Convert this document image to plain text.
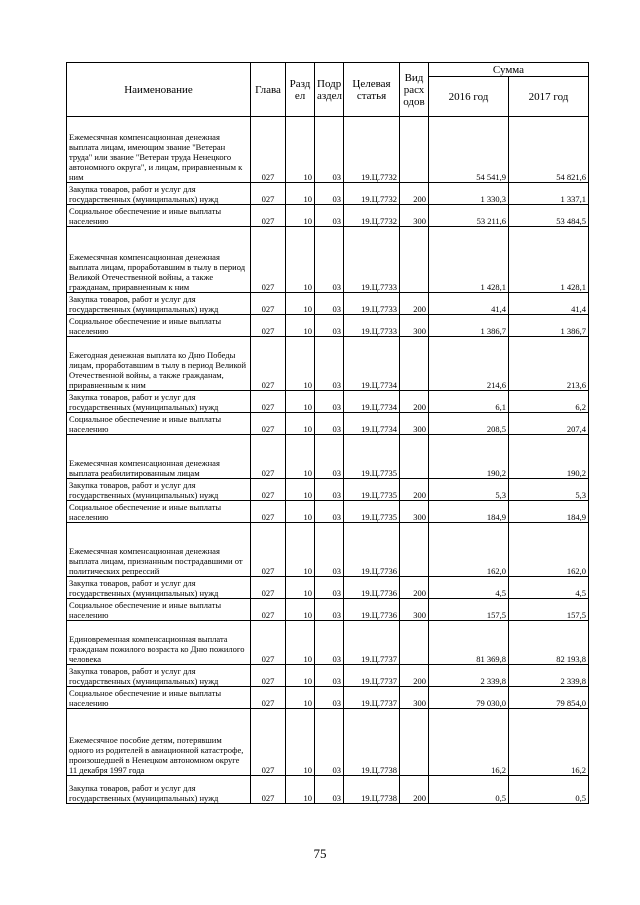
Наименование	Глава	Разд ел	Подр аздел	Целевая статья	Вид расх одов	Сумма	
						2016 год	2017 год
Ежемесячная компенсационная денежная выплата лицам, имеющим звание "Ветеран труда" или звание "Ветеран труда Ненецкого автономного округа", и лицам, приравненным к ним	027	10	03	19.Ц.7732		54 541,9	54 821,6
Закупка товаров, работ и услуг для государственных (муниципальных) нужд	027	10	03	19.Ц.7732	200	1 330,3	1 337,1
Социальное обеспечение и иные выплаты населению	027	10	03	19.Ц.7732	300	53 211,6	53 484,5
Ежемесячная компенсационная денежная выплата лицам, проработавшим в тылу в период Великой Отечественной войны, а также гражданам, приравненным к ним	027	10	03	19.Ц.7733		1 428,1	1 428,1
Закупка товаров, работ и услуг для государственных (муниципальных) нужд	027	10	03	19.Ц.7733	200	41,4	41,4
Социальное обеспечение и иные выплаты населению	027	10	03	19.Ц.7733	300	1 386,7	1 386,7
Ежегодная денежная выплата ко Дню Победы лицам, проработавшим в тылу в период Великой Отечественной войны, а также гражданам, приравненным к ним	027	10	03	19.Ц.7734		214,6	213,6
Закупка товаров, работ и услуг для государственных (муниципальных) нужд	027	10	03	19.Ц.7734	200	6,1	6,2
Социальное обеспечение и иные выплаты населению	027	10	03	19.Ц.7734	300	208,5	207,4
Ежемесячная компенсационная денежная выплата реабилитированным лицам	027	10	03	19.Ц.7735		190,2	190,2
Закупка товаров, работ и услуг для государственных (муниципальных) нужд	027	10	03	19.Ц.7735	200	5,3	5,3
Социальное обеспечение и иные выплаты населению	027	10	03	19.Ц.7735	300	184,9	184,9
Ежемесячная компенсационная денежная выплата лицам, признанным пострадавшими от политических репрессий	027	10	03	19.Ц.7736		162,0	162,0
Закупка товаров, работ и услуг для государственных (муниципальных) нужд	027	10	03	19.Ц.7736	200	4,5	4,5
Социальное обеспечение и иные выплаты населению	027	10	03	19.Ц.7736	300	157,5	157,5
Единовременная компенсационная выплата гражданам пожилого возраста ко Дню пожилого человека	027	10	03	19.Ц.7737		81 369,8	82 193,8
Закупка товаров, работ и услуг для государственных (муниципальных) нужд	027	10	03	19.Ц.7737	200	2 339,8	2 339,8
Социальное обеспечение и иные выплаты населению	027	10	03	19.Ц.7737	300	79 030,0	79 854,0
Ежемесячное пособие детям, потерявшим одного из родителей в авиационной катастрофе, произошедшей в Ненецком автономном округе 11 декабря 1997 года	027	10	03	19.Ц.7738		16,2	16,2
Закупка товаров, работ и услуг для государственных (муниципальных) нужд	027	10	03	19.Ц.7738	200	0,5	0,5
75
